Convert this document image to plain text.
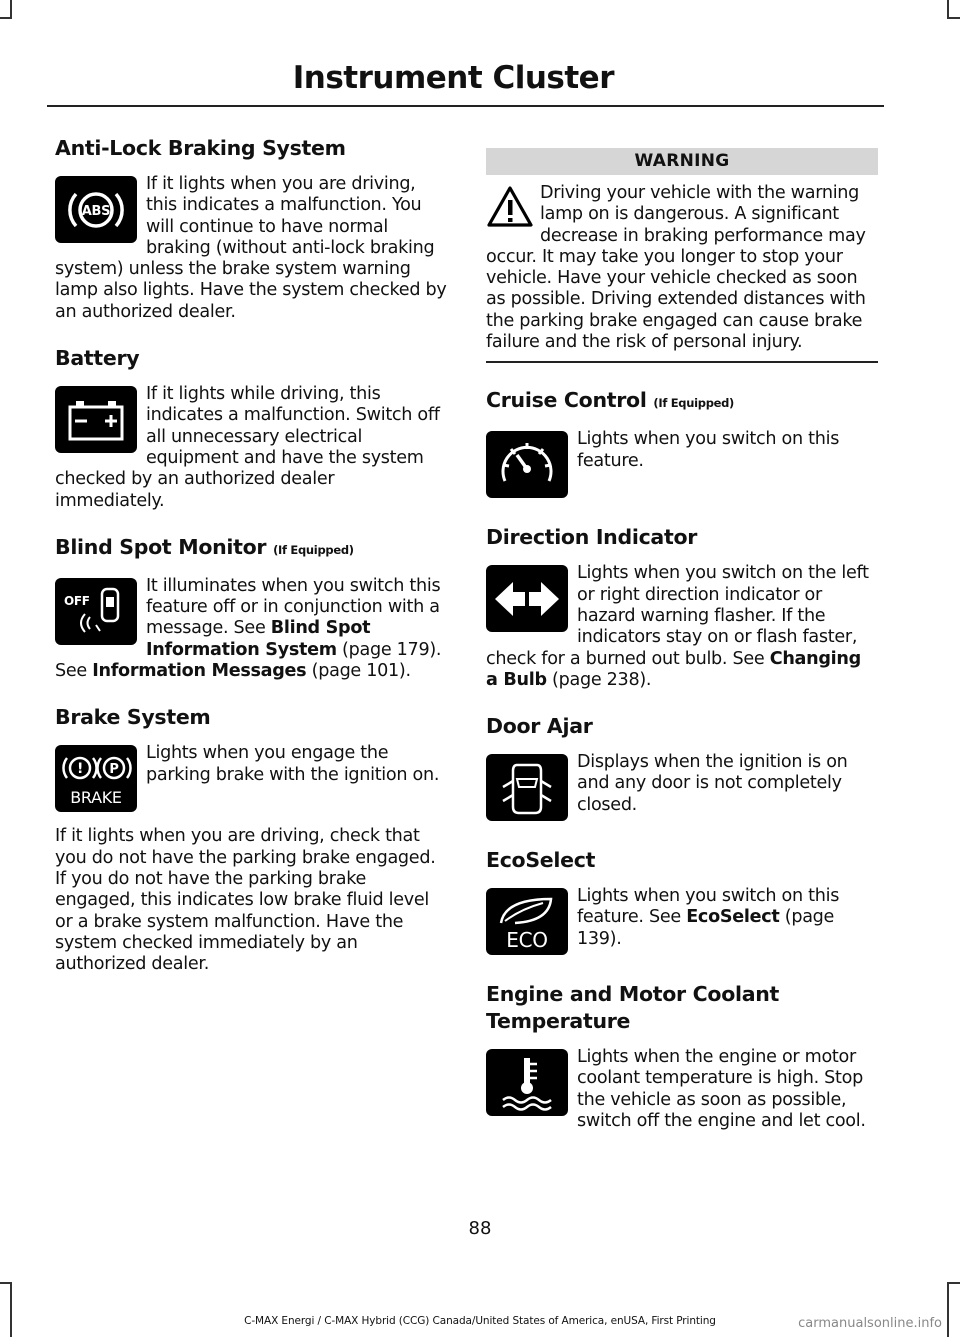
Instrument Cluster
Anti-Lock Braking System
ABS
If it lights when you are driving, this indicates a malfunction. You will continue to have normal braking (without anti-lock braking system) unless the brake system warning lamp also lights. Have the system checked by an authorized dealer.
Battery
If it lights while driving, this indicates a malfunction. Switch off all unnecessary electrical equipment and have the system checked by an authorized dealer immediately.
Blind Spot Monitor (If Equipped)
OFF
It illuminates when you switch this feature off or in conjunction with a message. See Blind Spot Information System (page 179). See Information Messages (page 101).
Brake System
! P
BRAKE
Lights when you engage the parking brake with the ignition on.
If it lights when you are driving, check that you do not have the parking brake engaged. If you do not have the parking brake engaged, this indicates low brake fluid level or a brake system malfunction. Have the system checked immediately by an authorized dealer.
WARNING
Driving your vehicle with the warning lamp on is dangerous. A significant decrease in braking performance may occur. It may take you longer to stop your vehicle. Have your vehicle checked as soon as possible. Driving extended distances with the parking brake engaged can cause brake failure and the risk of personal injury.
Cruise Control (If Equipped)
Lights when you switch on this feature.
Direction Indicator
Lights when you switch on the left or right direction indicator or hazard warning flasher. If the indicators stay on or flash faster, check for a burned out bulb. See Changing a Bulb (page 238).
Door Ajar
Displays when the ignition is on and any door is not completely closed.
EcoSelect
ECO
Lights when you switch on this feature. See EcoSelect (page 139).
Engine and Motor Coolant Temperature
Lights when the engine or motor coolant temperature is high. Stop the vehicle as soon as possible, switch off the engine and let cool.
88
C-MAX Energi / C-MAX Hybrid (CCG) Canada/United States of America, enUSA, First Printing	carmanualsonline.info
